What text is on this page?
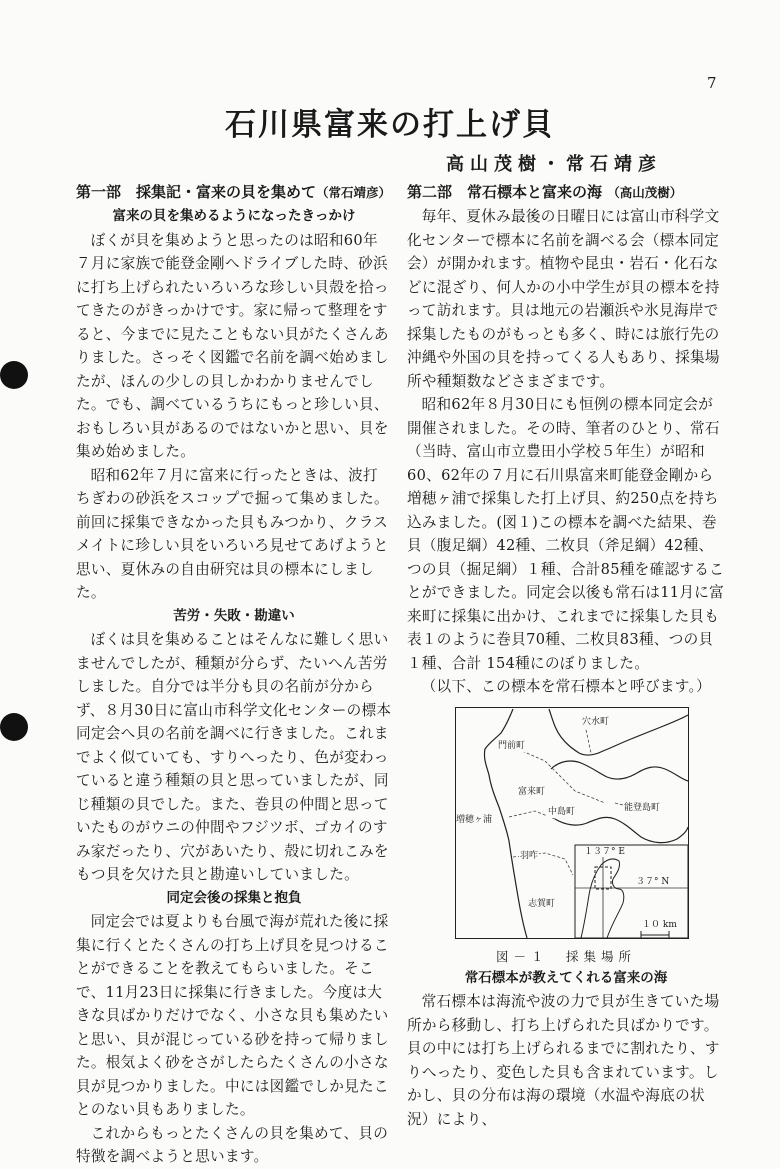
7
石川県富来の打上げ貝
高山茂樹・常石靖彦
第一部　採集記・富来の貝を集めて（常石靖彦）
富来の貝を集めるようになったきっかけ

ぼくが貝を集めようと思ったのは昭和60年７月に家族で能登金剛へドライブした時、砂浜に打ち上げられたいろいろな珍しい貝殻を拾ってきたのがきっかけです。家に帰って整理をすると、今までに見たこともない貝がたくさんありました。さっそく図鑑で名前を調べ始めましたが、ほんの少しの貝しかわかりませんでした。でも、調べているうちにもっと珍しい貝、おもしろい貝があるのではないかと思い、貝を集め始めました。

昭和62年７月に富来に行ったときは、波打ちぎわの砂浜をスコップで掘って集めました。前回に採集できなかった貝もみつかり、クラスメイトに珍しい貝をいろいろ見せてあげようと思い、夏休みの自由研究は貝の標本にしました。

苦労・失敗・勘違い

ぼくは貝を集めることはそんなに難しく思いませんでしたが、種類が分らず、たいへん苦労しました。自分では半分も貝の名前が分からず、８月30日に富山市科学文化センターの標本同定会へ貝の名前を調べに行きました。これまでよく似ていても、すりへったり、色が変わっていると違う種類の貝と思っていましたが、同じ種類の貝でした。また、巻貝の仲間と思っていたものがウニの仲間やフジツボ、ゴカイのすみ家だったり、穴があいたり、殻に切れこみをもつ貝を欠けた貝と勘違いしていました。

同定会後の採集と抱負

同定会では夏よりも台風で海が荒れた後に採集に行くとたくさんの打ち上げ貝を見つけることができることを教えてもらいました。そこで、11月23日に採集に行きました。今度は大きな貝ばかりだけでなく、小さな貝も集めたいと思い、貝が混じっている砂を持って帰りました。根気よく砂をさがしたらたくさんの小さな貝が見つかりました。中には図鑑でしか見たことのない貝もありました。

これからもっとたくさんの貝を集めて、貝の特徴を調べようと思います。

第二部　常石標本と富来の海 （高山茂樹）

毎年、夏休み最後の日曜日には富山市科学文化センターで標本に名前を調べる会（標本同定会）が開かれます。植物や昆虫・岩石・化石などに混ざり、何人かの小中学生が貝の標本を持って訪れます。貝は地元の岩瀬浜や氷見海岸で採集したものがもっとも多く、時には旅行先の沖縄や外国の貝を持ってくる人もあり、採集場所や種類数などさまざまです。

昭和62年８月30日にも恒例の標本同定会が開催されました。その時、筆者のひとり、常石（当時、富山市立豊田小学校５年生）が昭和60、62年の７月に石川県富来町能登金剛から増穂ヶ浦で採集した打上げ貝、約250点を持ち込みました。(図１)この標本を調べた結果、巻貝（腹足綱）42種、二枚貝（斧足綱）42種、つの貝（掘足綱）１種、合計85種を確認することができました。同定会以後も常石は11月に富来町に採集に出かけ、これまでに採集した貝も表１のように巻貝70種、二枚貝83種、つの貝１種、合計 154種にのぼりました。

（以下、この標本を常石標本と呼びます。）

穴水町
門前町
富来町
増穂ヶ浦
中島町	能登島町
羽咋
志賀町
１３７° E
３７° N
１０ km
図－１　採集場所
常石標本が教えてくれる富来の海

常石標本は海流や波の力で貝が生きていた場所から移動し、打ち上げられた貝ばかりです。貝の中には打ち上げられるまでに割れたり、すりへったり、変色した貝も含まれています。しかし、貝の分布は海の環境（水温や海底の状況）により、
